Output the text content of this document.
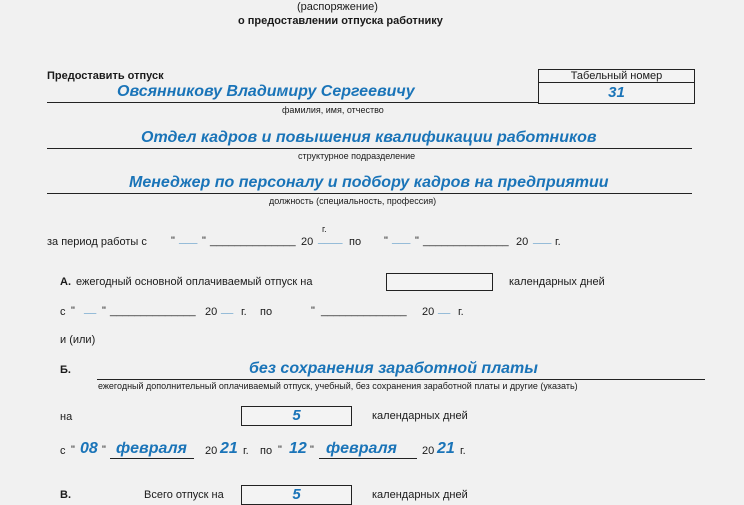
(распоряжение)
о предоставлении отпуска работнику
Предоставить отпуск	Табельный номер
31
Овсянникову Владимиру Сергеевичу
фамилия, имя, отчество
Отдел кадров и повышения квалификации работников
структурное подразделение
Менеджер по персоналу и подбору кадров на предприятии
должность (специальность, профессия)
г.
за период работы с " ___ " ______________ 20 ____ по " ___ " ______________ 20 ___ г.
А. ежегодный основной оплачиваемый отпуск на	календарных дней
с " __ " ______________ 20 __ г. по	" ______________ 20 __ г.
и (или)
Б.	без сохранения заработной платы
ежегодный дополнительный оплачиваемый отпуск, учебный, без сохранения заработной платы и другие (указать)
на	5	календарных дней
с " 08 " февраля 20 21 г. по " 12 " февраля 20 21 г.
В.	Всего отпуск на	5	календарных дней
